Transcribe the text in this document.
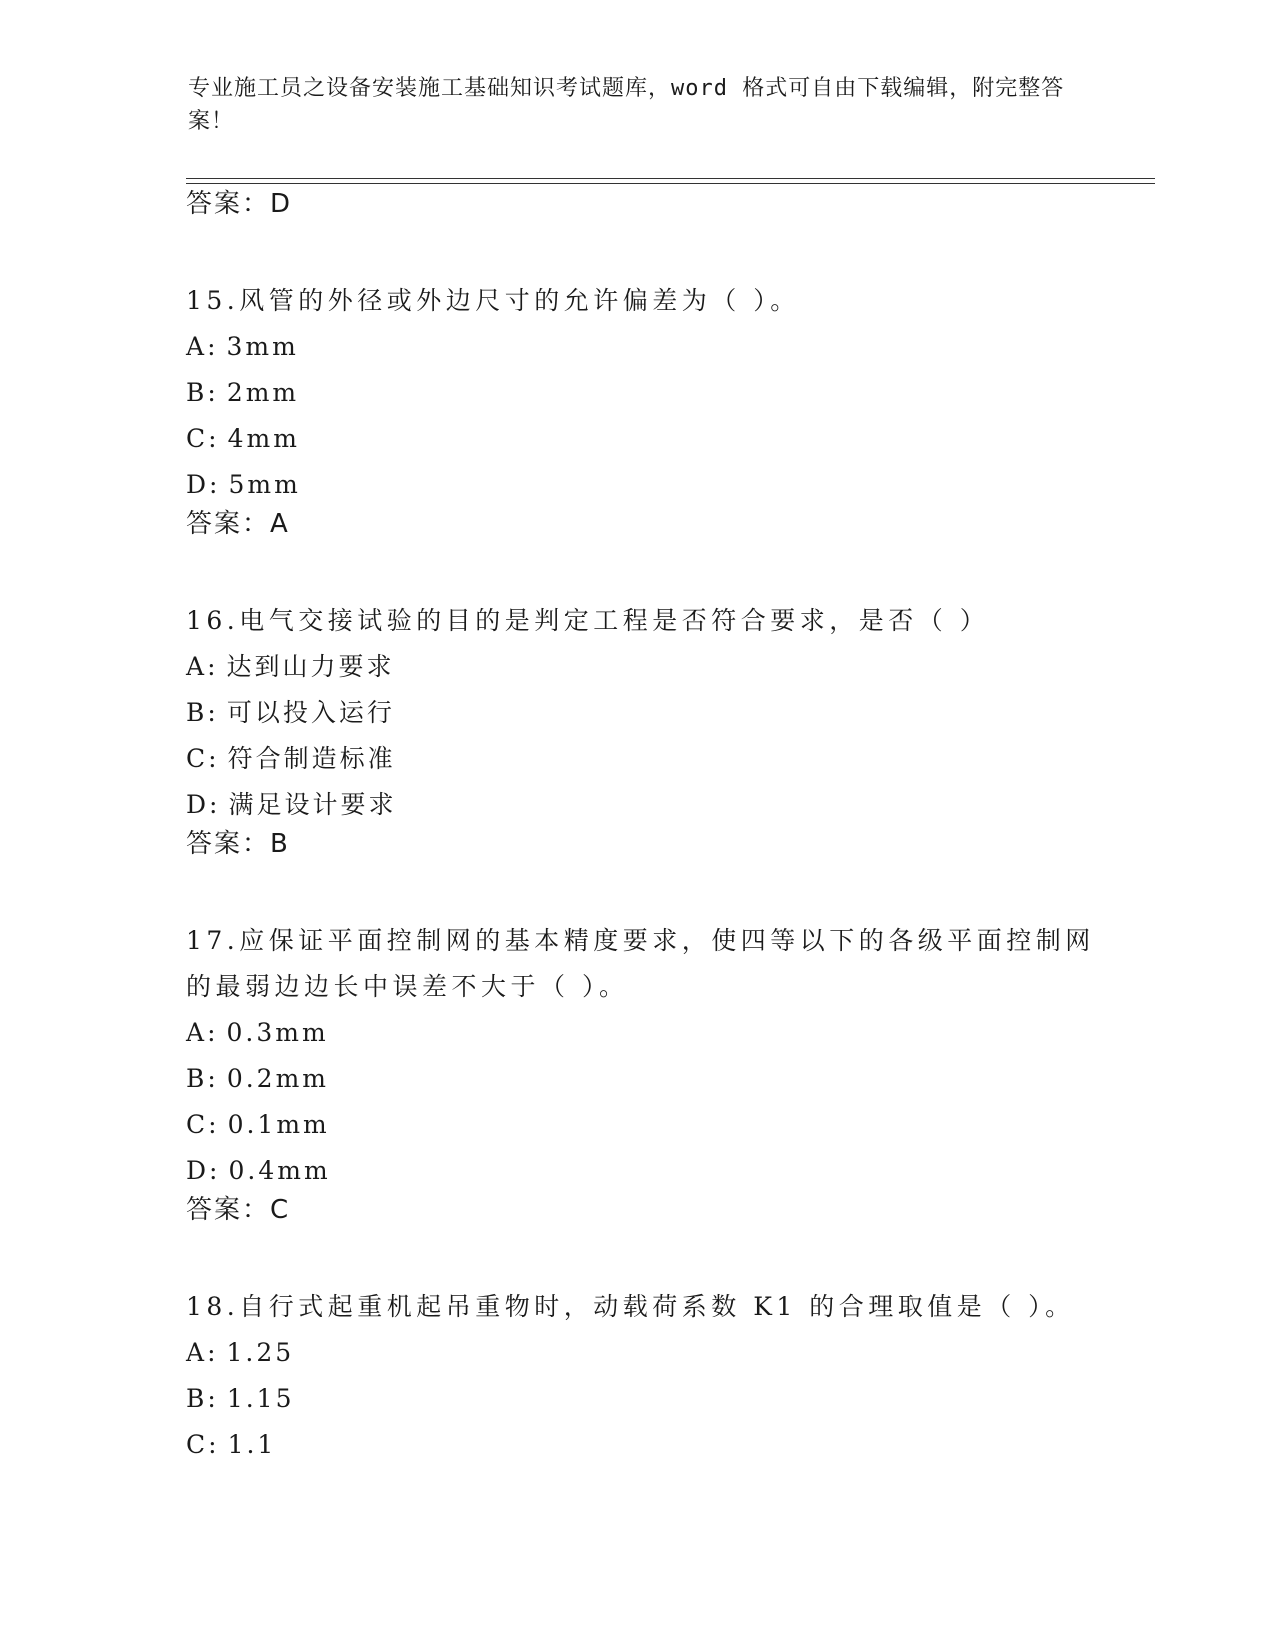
专业施工员之设备安装施工基础知识考试题库，word 格式可自由下载编辑，附完整答案！
答案：D
15.风管的外径或外边尺寸的允许偏差为（ ）。
A: 3mm
B: 2mm
C: 4mm
D: 5mm
答案：A
16.电气交接试验的目的是判定工程是否符合要求，是否（ ）
A: 达到山力要求
B: 可以投入运行
C: 符合制造标准
D: 满足设计要求
答案：B
17.应保证平面控制网的基本精度要求，使四等以下的各级平面控制网的最弱边边长中误差不大于（ ）。
A: 0.3mm
B: 0.2mm
C: 0.1mm
D: 0.4mm
答案：C
18.自行式起重机起吊重物时，动载荷系数 K1 的合理取值是（ ）。
A: 1.25
B: 1.15
C: 1.1
